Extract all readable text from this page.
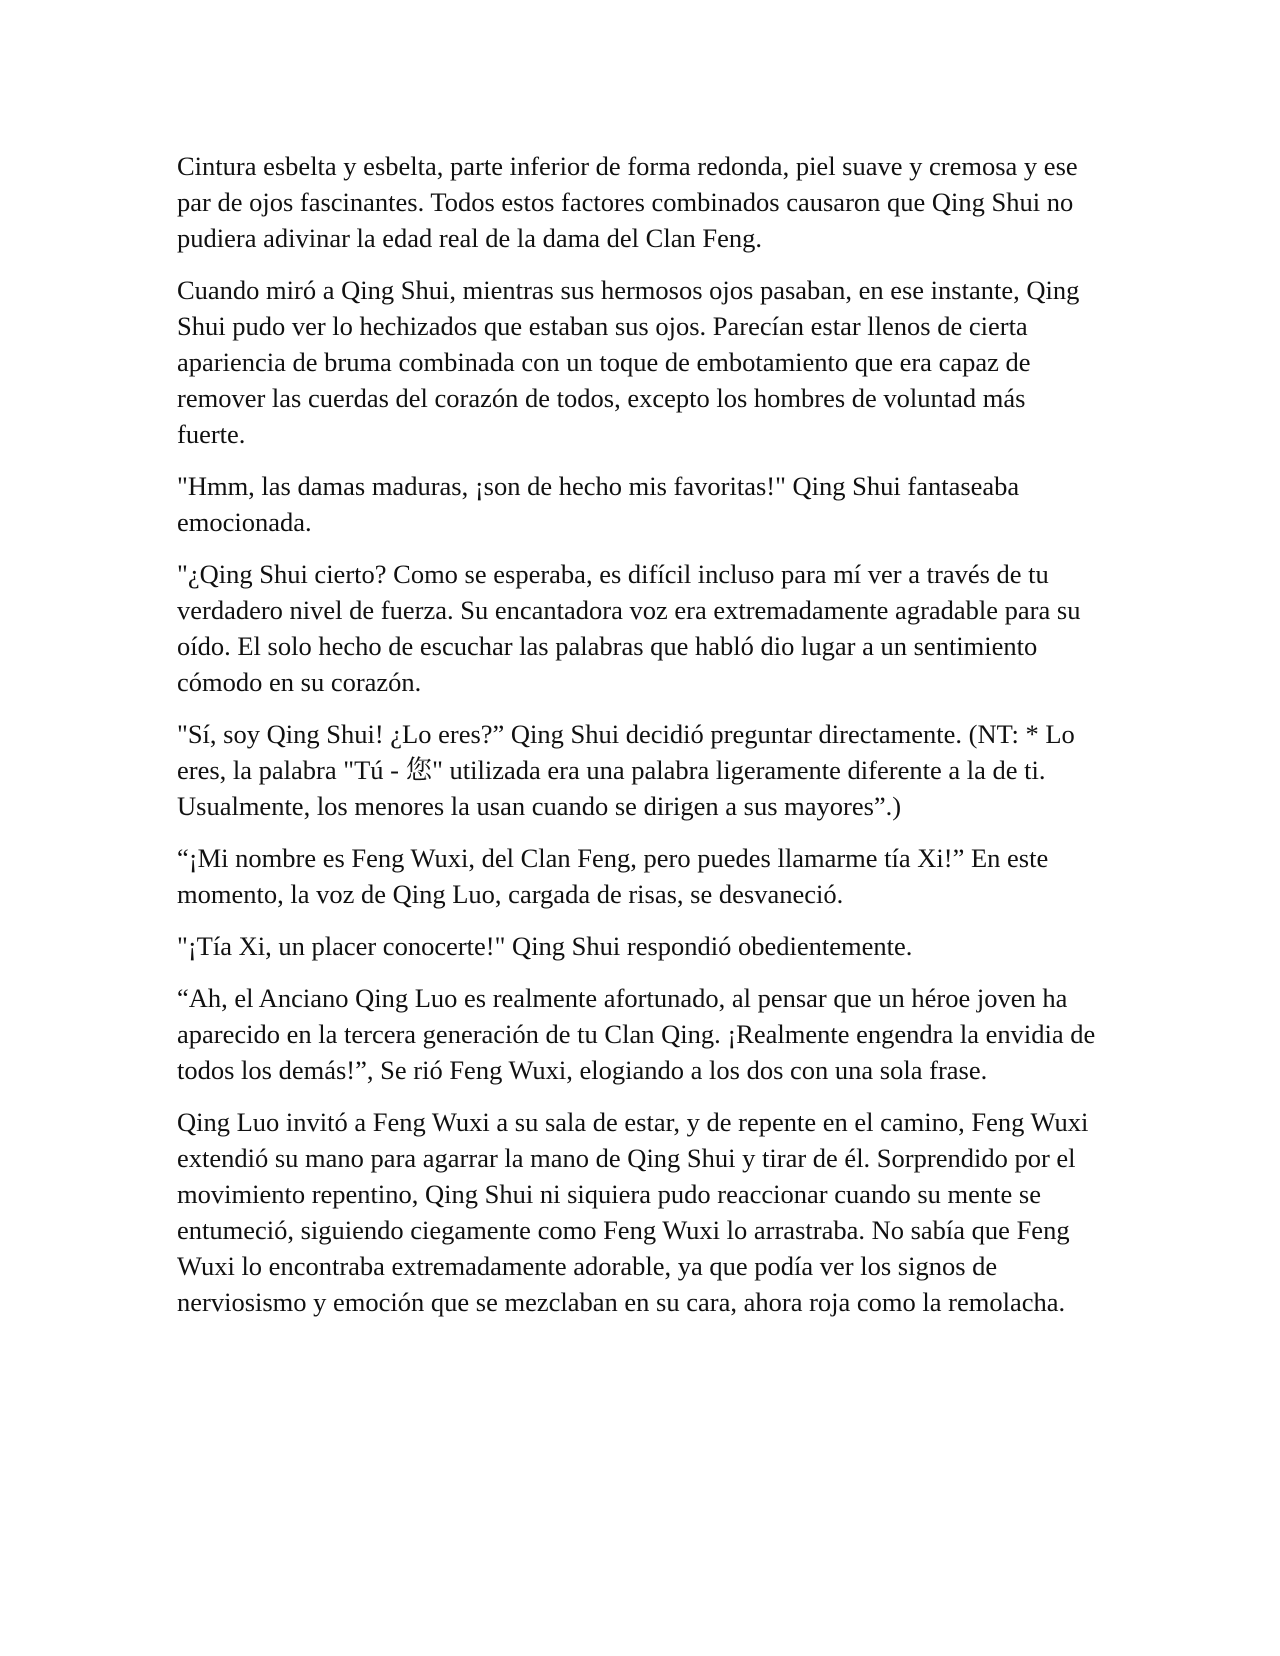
Cintura esbelta y esbelta, parte inferior de forma redonda, piel suave y cremosa y ese par de ojos fascinantes. Todos estos factores combinados causaron que Qing Shui no pudiera adivinar la edad real de la dama del Clan Feng.

Cuando miró a Qing Shui, mientras sus hermosos ojos pasaban, en ese instante, Qing Shui pudo ver lo hechizados que estaban sus ojos. Parecían estar llenos de cierta apariencia de bruma combinada con un toque de embotamiento que era capaz de remover las cuerdas del corazón de todos, excepto los hombres de voluntad más fuerte.

"Hmm, las damas maduras, ¡son de hecho mis favoritas!" Qing Shui fantaseaba emocionada.

"¿Qing Shui cierto? Como se esperaba, es difícil incluso para mí ver a través de tu verdadero nivel de fuerza. Su encantadora voz era extremadamente agradable para su oído. El solo hecho de escuchar las palabras que habló dio lugar a un sentimiento cómodo en su corazón.

"Sí, soy Qing Shui! ¿Lo eres?” Qing Shui decidió preguntar directamente. (NT: * Lo eres, la palabra "Tú - 您" utilizada era una palabra ligeramente diferente a la de ti. Usualmente, los menores la usan cuando se dirigen a sus mayores”.)

“¡Mi nombre es Feng Wuxi, del Clan Feng, pero puedes llamarme tía Xi!” En este momento, la voz de Qing Luo, cargada de risas, se desvaneció.

"¡Tía Xi, un placer conocerte!" Qing Shui respondió obedientemente.

“Ah, el Anciano Qing Luo es realmente afortunado, al pensar que un héroe joven ha aparecido en la tercera generación de tu Clan Qing. ¡Realmente engendra la envidia de todos los demás!”, Se rió Feng Wuxi, elogiando a los dos con una sola frase.

Qing Luo invitó a Feng Wuxi a su sala de estar, y de repente en el camino, Feng Wuxi extendió su mano para agarrar la mano de Qing Shui y tirar de él. Sorprendido por el movimiento repentino, Qing Shui ni siquiera pudo reaccionar cuando su mente se entumeció, siguiendo ciegamente como Feng Wuxi lo arrastraba. No sabía que Feng Wuxi lo encontraba extremadamente adorable, ya que podía ver los signos de nerviosismo y emoción que se mezclaban en su cara, ahora roja como la remolacha.
